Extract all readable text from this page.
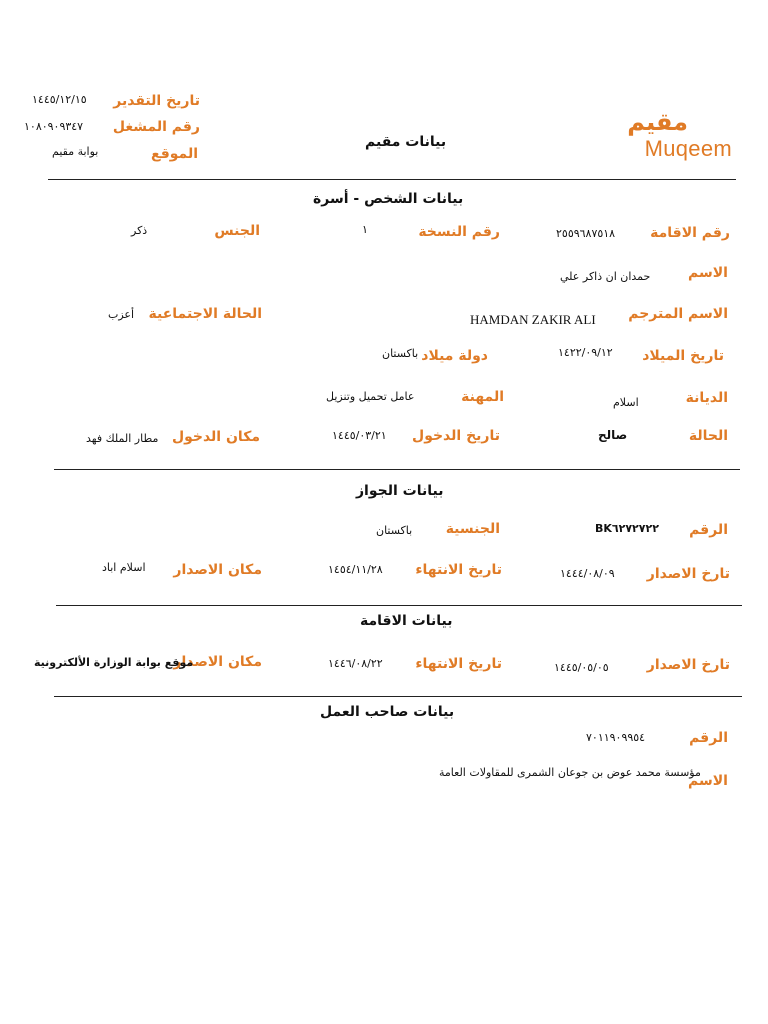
مقيم
Muqeem
بيانات مقيم
تاريخ التقدير
١٤٤٥/١٢/١٥
رقم المشغل
١٠٨٠٩٠٩٣٤٧
الموقع
بوابة مقيم
بيانات الشخص - أسرة
رقم الاقامة
٢٥٥٩٦٨٧٥١٨
رقم النسخة
١
الجنس
ذكر
الاسم
حمدان ان ذاكر علي
الاسم المترجم
HAMDAN ZAKIR ALI
الحالة الاجتماعية
أعزب
تاريخ الميلاد
١٤٢٢/٠٩/١٢
دولة ميلاد
باكستان
الديانة
اسلام
المهنة
عامل تحميل وتنزيل
الحالة
صالح
تاريخ الدخول
١٤٤٥/٠٣/٢١
مكان الدخول
مطار الملك فهد
بيانات الجواز
الرقم
BK٦٢٧٢٧٢٢
الجنسية
باكستان
تارخ الاصدار
١٤٤٤/٠٨/٠٩
تاريخ الانتهاء
١٤٥٤/١١/٢٨
مكان الاصدار
اسلام اباد
بيانات الاقامة
تارخ الاصدار
١٤٤٥/٠٥/٠٥
تاريخ الانتهاء
١٤٤٦/٠٨/٢٢
مكان الاصدار
موقع بوابة الوزارة الألكترونية
بيانات صاحب العمل
الرقم
٧٠١١٩٠٩٩٥٤
الاسم
مؤسسة محمد عوض بن جوعان الشمرى للمقاولات العامة
